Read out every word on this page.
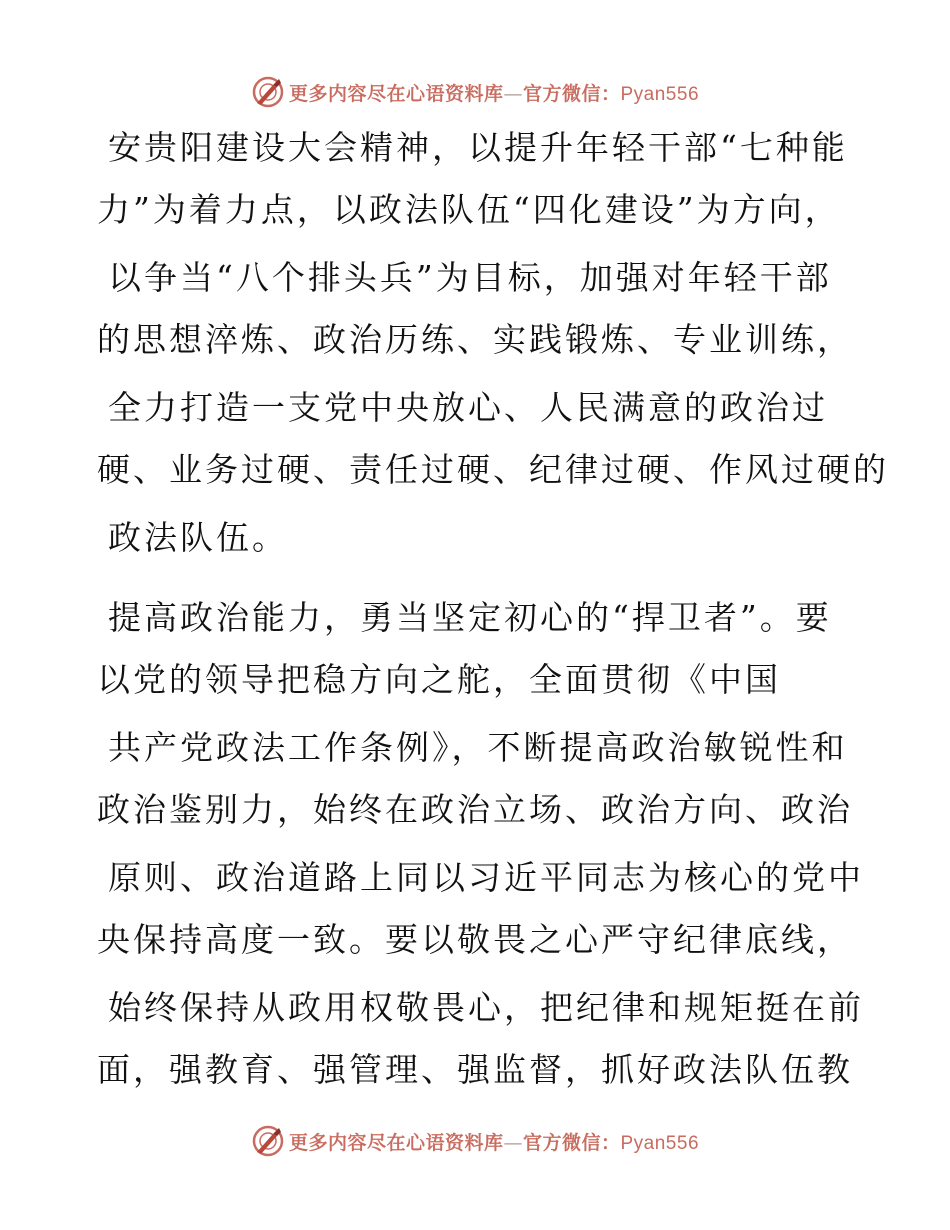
更多内容尽在心语资料库—官方微信：Pyan556
安贵阳建设大会精神，以提升年轻干部“七种能
力”为着力点，以政法队伍“四化建设”为方向，
以争当“八个排头兵”为目标，加强对年轻干部
的思想淬炼、政治历练、实践锻炼、专业训练，
全力打造一支党中央放心、人民满意的政治过
硬、业务过硬、责任过硬、纪律过硬、作风过硬的
政法队伍。
提高政治能力，勇当坚定初心的“捍卫者”。要
以党的领导把稳方向之舵，全面贯彻《中国
共产党政法工作条例》，不断提高政治敏锐性和
政治鉴别力，始终在政治立场、政治方向、政治
原则、政治道路上同以习近平同志为核心的党中
央保持高度一致。要以敬畏之心严守纪律底线，
始终保持从政用权敬畏心，把纪律和规矩挺在前
面，强教育、强管理、强监督，抓好政法队伍教
更多内容尽在心语资料库—官方微信：Pyan556
